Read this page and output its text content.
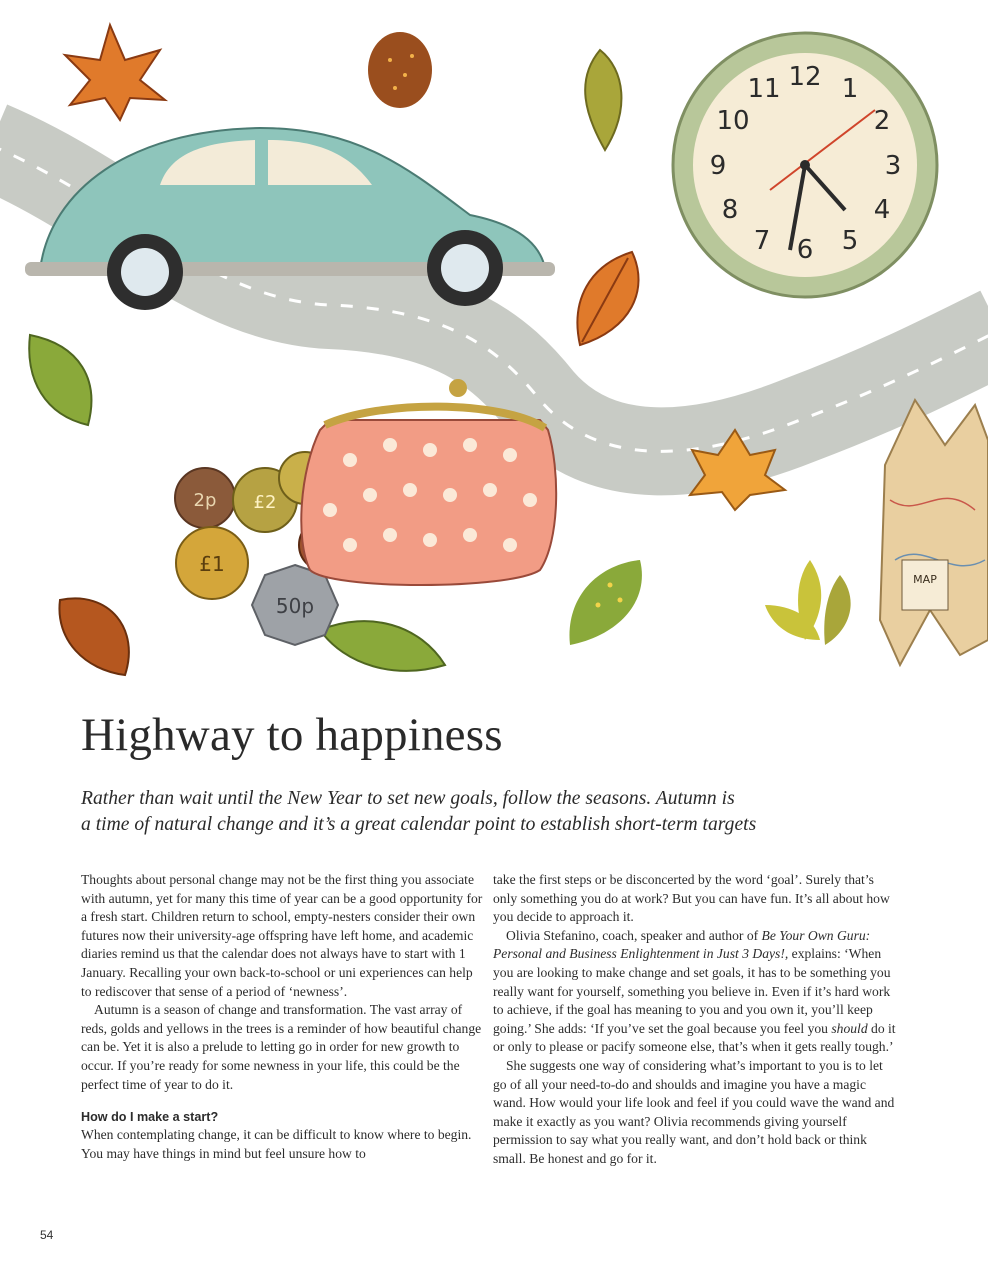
12 1
2
3
4
5
6
7
8
9
10
11
2p £2
£1
50p
MAP
Highway to happiness

Rather than wait until the New Year to set new goals, follow the seasons. Autumn is
a time of natural change and it’s a great calendar point to establish short-term targets

Thoughts about personal change may not be the first thing you associate with autumn, yet for many this time of year can be a good opportunity for a fresh start. Children return to school, empty-nesters consider their own futures now their university-age offspring have left home, and academic diaries remind us that the calendar does not always have to start with 1 January. Recalling your own back-to-school or uni experiences can help to rediscover that sense of a period of ‘newness’.

Autumn is a season of change and transformation. The vast array of reds, golds and yellows in the trees is a reminder of how beautiful change can be. Yet it is also a prelude to letting go in order for new growth to occur. If you’re ready for some newness in your life, this could be the perfect time of year to do it.

How do I make a start?

When contemplating change, it can be difficult to know where to begin. You may have things in mind but feel unsure how to

take the first steps or be disconcerted by the word ‘goal’. Surely that’s only something you do at work? But you can have fun. It’s all about how you decide to approach it.

Olivia Stefanino, coach, speaker and author of Be Your Own Guru: Personal and Business Enlightenment in Just 3 Days!, explains: ‘When you are looking to make change and set goals, it has to be something you really want for yourself, something you believe in. Even if it’s hard work to achieve, if the goal has meaning to you and you own it, you’ll keep going.’ She adds: ‘If you’ve set the goal because you feel you should do it or only to please or pacify someone else, that’s when it gets really tough.’

She suggests one way of considering what’s important to you is to let go of all your need-to-do and shoulds and imagine you have a magic wand. How would your life look and feel if you could wave the wand and make it exactly as you want? Olivia recommends giving yourself permission to say what you really want, and don’t hold back or think small. Be honest and go for it.

54
